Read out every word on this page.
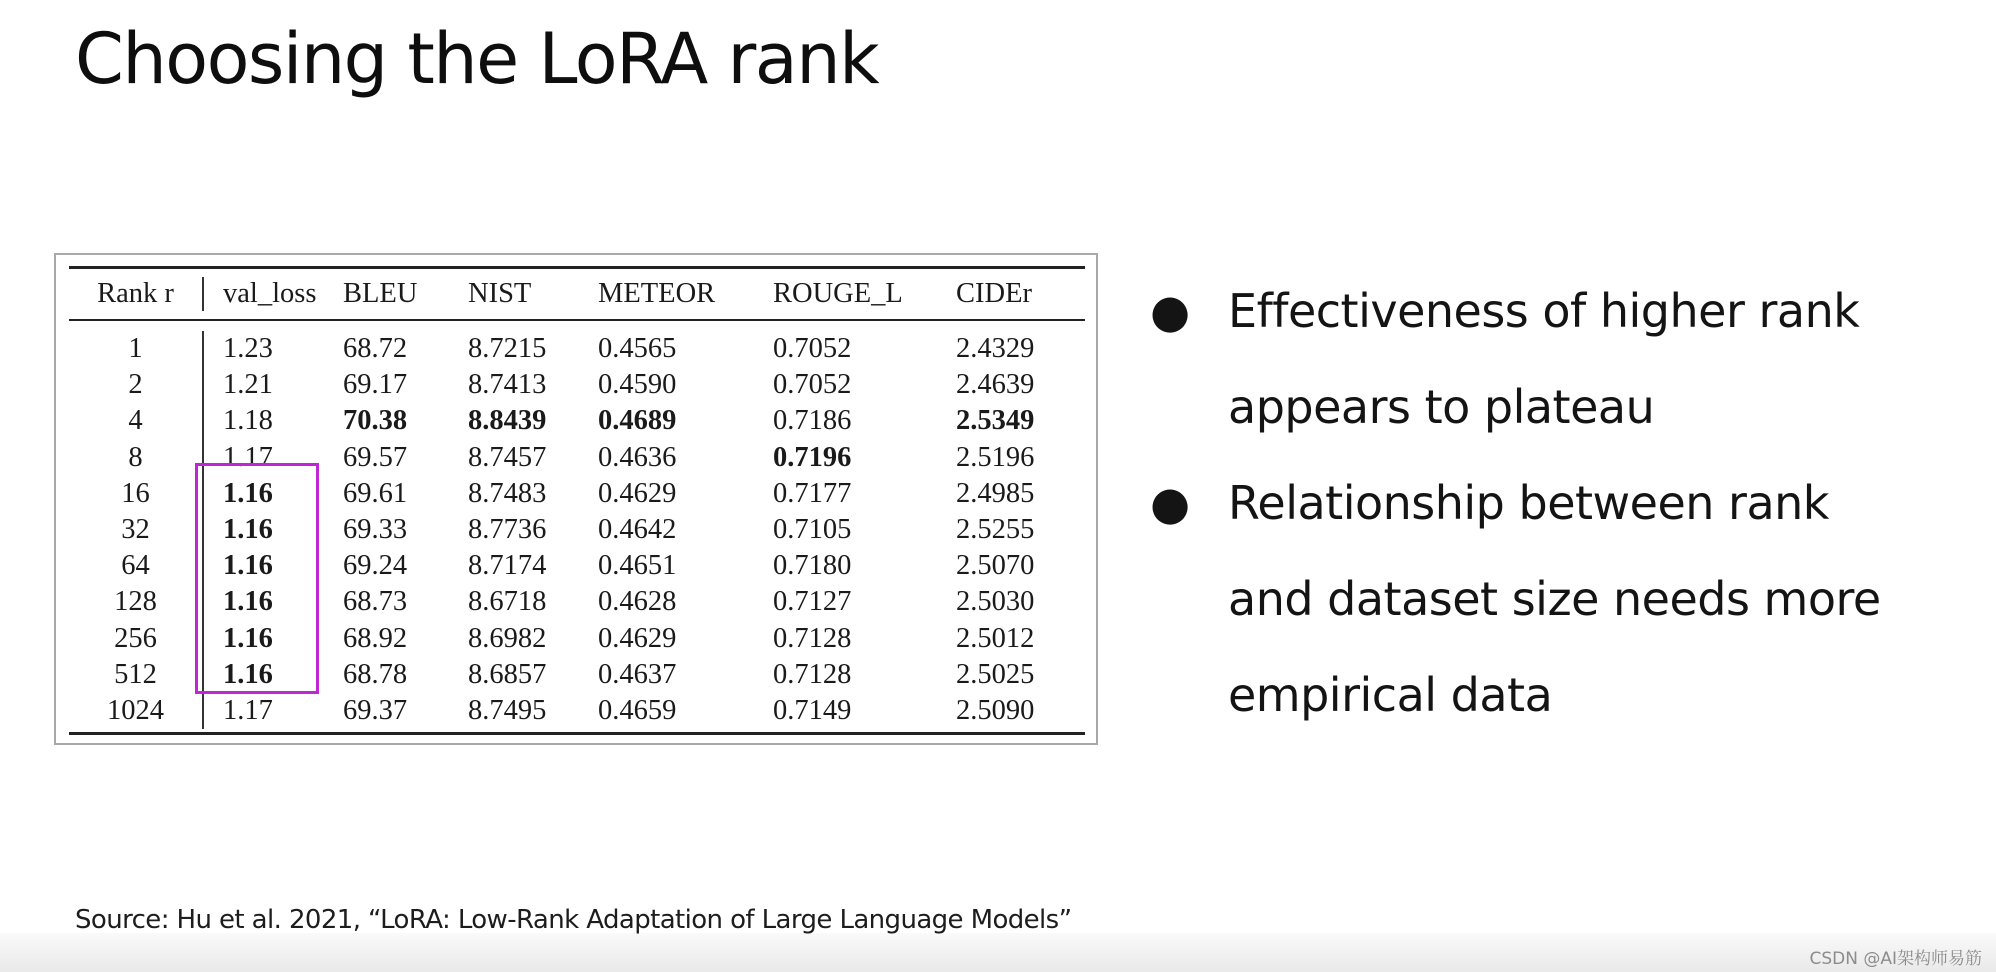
Choosing the LoRA rank
Rank r	val_loss	BLEU	NIST	METEOR	ROUGE_L	CIDEr
1	1.23	68.72	8.7215	0.4565	0.7052	2.4329
2	1.21	69.17	8.7413	0.4590	0.7052	2.4639
4	1.18	70.38	8.8439	0.4689	0.7186	2.5349
8	1.17	69.57	8.7457	0.4636	0.7196	2.5196
16	1.16	69.61	8.7483	0.4629	0.7177	2.4985
32	1.16	69.33	8.7736	0.4642	0.7105	2.5255
64	1.16	69.24	8.7174	0.4651	0.7180	2.5070
128	1.16	68.73	8.6718	0.4628	0.7127	2.5030
256	1.16	68.92	8.6982	0.4629	0.7128	2.5012
512	1.16	68.78	8.6857	0.4637	0.7128	2.5025
1024	1.17	69.37	8.7495	0.4659	0.7149	2.5090
● Effectiveness of higher rank
appears to plateau
● Relationship between rank
and dataset size needs more
empirical data
Source: Hu et al. 2021, “LoRA: Low-Rank Adaptation of Large Language Models”
CSDN @AI架构师易筋
